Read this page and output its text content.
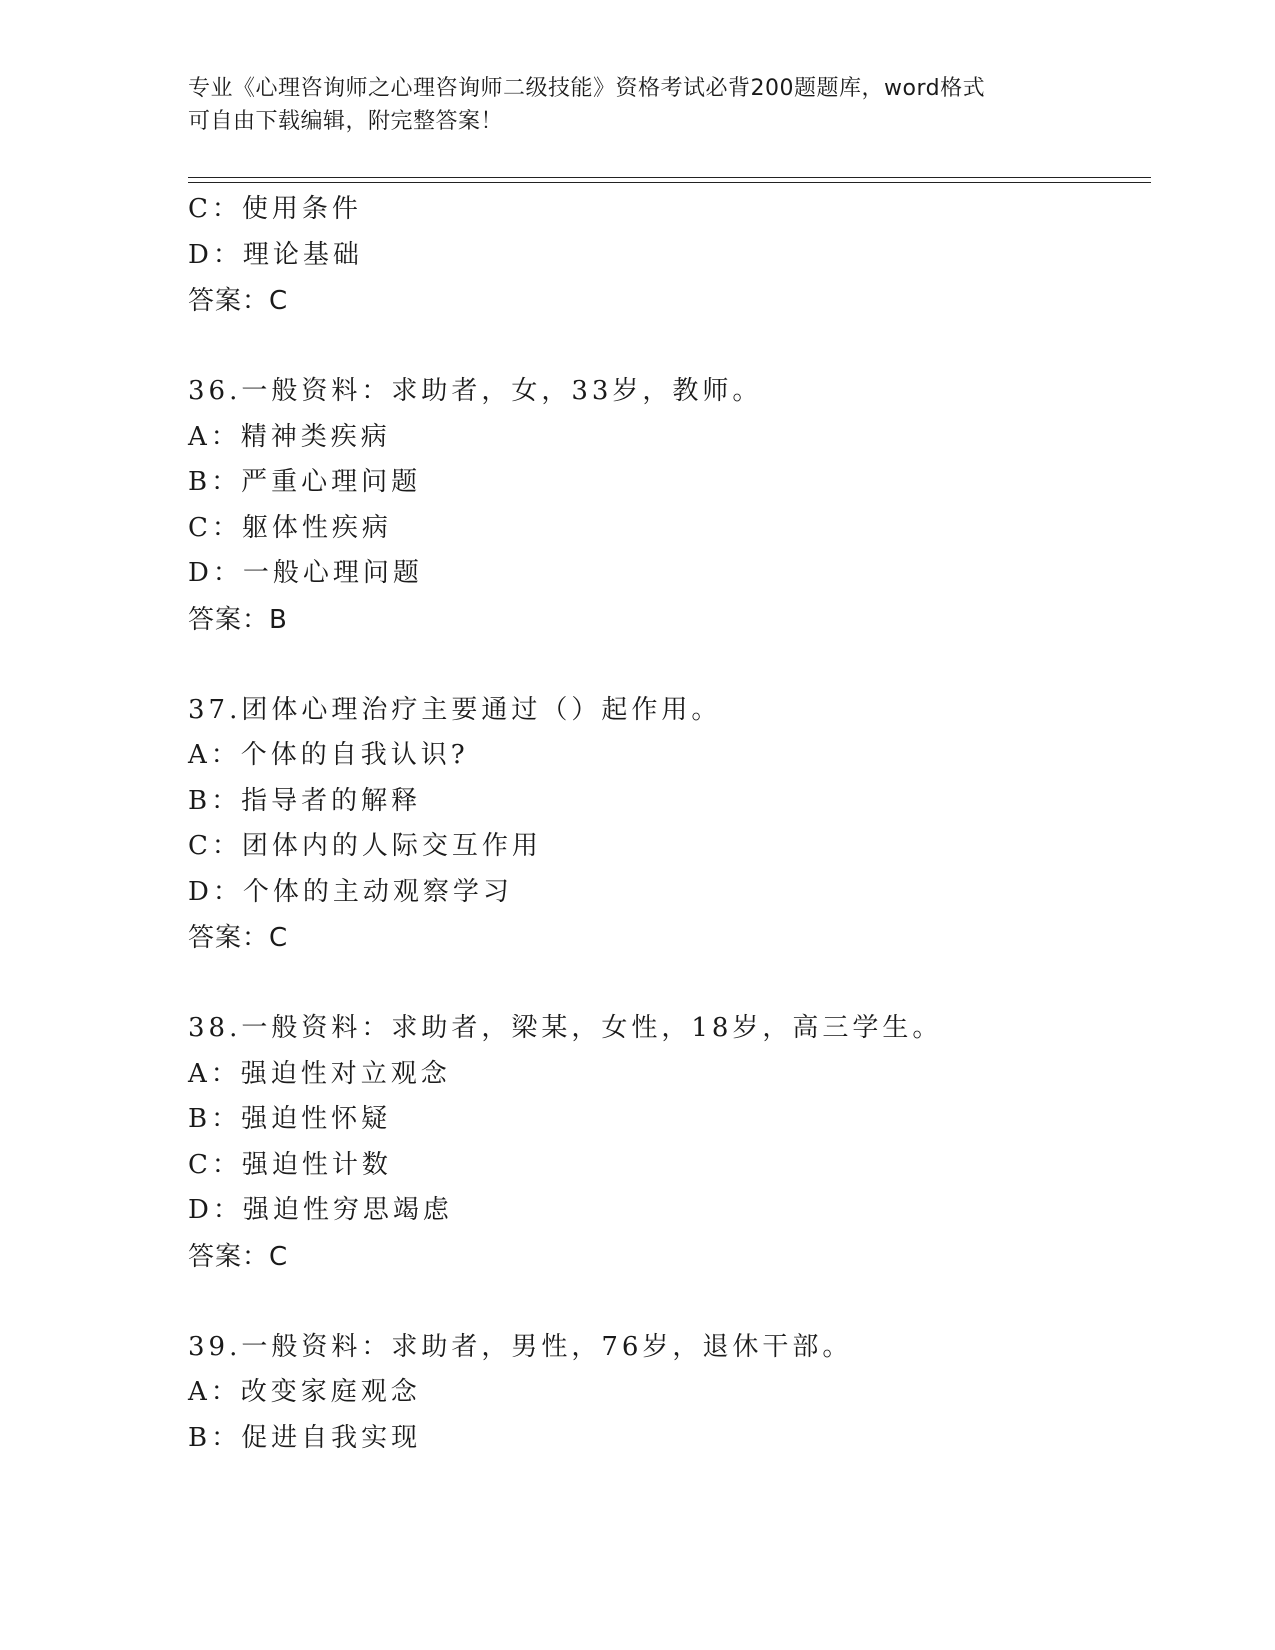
专业《心理咨询师之心理咨询师二级技能》资格考试必背200题题库，word格式
可自由下载编辑，附完整答案！
C：使用条件
D：理论基础
答案：C
36.一般资料：求助者，女，33岁，教师。
A：精神类疾病
B：严重心理问题
C：躯体性疾病
D：一般心理问题
答案：B
37.团体心理治疗主要通过（）起作用。
A：个体的自我认识?
B：指导者的解释
C：团体内的人际交互作用
D：个体的主动观察学习
答案：C
38.一般资料：求助者，梁某，女性，18岁，高三学生。
A：强迫性对立观念
B：强迫性怀疑
C：强迫性计数
D：强迫性穷思竭虑
答案：C
39.一般资料：求助者，男性，76岁，退休干部。
A：改变家庭观念
B：促进自我实现
